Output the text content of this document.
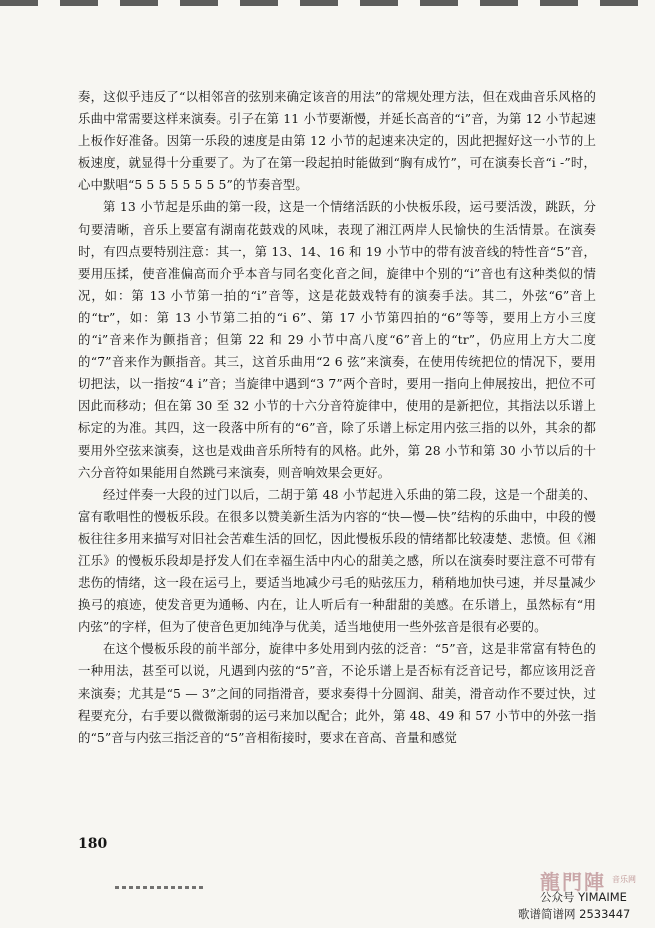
奏，这似乎违反了“以相邻音的弦别来确定该音的用法”的常规处理方法，但在戏曲音乐风格的乐曲中常需要这样来演奏。引子在第 11 小节要渐慢，并延长高音的“i̇”音，为第 12 小节起速上板作好准备。因第一乐段的速度是由第 12 小节的起速来决定的，因此把握好这一小节的上板速度，就显得十分重要了。为了在第一段起拍时能做到“胸有成竹”，可在演奏长音“i̇ -”时，心中默唱“5 5 5 5 5 5 5 5”的节奏音型。

第 13 小节起是乐曲的第一段，这是一个情绪活跃的小快板乐段，运弓要活泼，跳跃，分句要清晰，音乐上要富有湖南花鼓戏的风味，表现了湘江两岸人民愉快的生活情景。在演奏时，有四点要特别注意：其一，第 13、14、16 和 19 小节中的带有波音线的特性音“5”音，要用压揉，使音准偏高而介乎本音与同名变化音之间，旋律中个别的“i̇”音也有这种类似的情况，如：第 13 小节第一拍的“i̇”音等，这是花鼓戏特有的演奏手法。其二，外弦“6”音上的“tr”，如：第 13 小节第二拍的“i̇ 6”、第 17 小节第四拍的“6”等等，要用上方小三度的“i̇”音来作为颤指音；但第 22 和 29 小节中高八度“6̇”音上的“tr”，仍应用上方大二度的“7̇”音来作为颤指音。其三，这首乐曲用“2 6 弦”来演奏，在使用传统把位的情况下，要用切把法，以一指按“4 i̇”音；当旋律中遇到“3 7”两个音时，要用一指向上伸展按出，把位不可因此而移动；但在第 30 至 32 小节的十六分音符旋律中，使用的是新把位，其指法以乐谱上标定的为准。其四，这一段落中所有的“6”音，除了乐谱上标定用内弦三指的以外，其余的都要用外空弦来演奏，这也是戏曲音乐所特有的风格。此外，第 28 小节和第 30 小节以后的十六分音符如果能用自然跳弓来演奏，则音响效果会更好。

经过伴奏一大段的过门以后，二胡于第 48 小节起进入乐曲的第二段，这是一个甜美的、富有歌唱性的慢板乐段。在很多以赞美新生活为内容的“快—慢—快”结构的乐曲中，中段的慢板往往多用来描写对旧社会苦难生活的回忆，因此慢板乐段的情绪都比较凄楚、悲愤。但《湘江乐》的慢板乐段却是抒发人们在幸福生活中内心的甜美之感，所以在演奏时要注意不可带有悲伤的情绪，这一段在运弓上，要适当地减少弓毛的贴弦压力，稍稍地加快弓速，并尽量减少换弓的痕迹，使发音更为通畅、内在，让人听后有一种甜甜的美感。在乐谱上，虽然标有“用内弦”的字样，但为了使音色更加纯净与优美，适当地使用一些外弦音是很有必要的。

在这个慢板乐段的前半部分，旋律中多处用到内弦的泛音：“5”音，这是非常富有特色的一种用法，甚至可以说，凡遇到内弦的“5”音，不论乐谱上是否标有泛音记号，都应该用泛音来演奏；尤其是“5 — 3”之间的同指滑音，要求奏得十分圆润、甜美，滑音动作不要过快，过程要充分，右手要以微微渐弱的运弓来加以配合；此外，第 48、49 和 57 小节中的外弦一指的“5”音与内弦三指泛音的“5”音相衔接时，要求在音高、音量和感觉

180
龍門陣 音乐网
公众号 YIMAIME
歌谱简谱网 2533447
